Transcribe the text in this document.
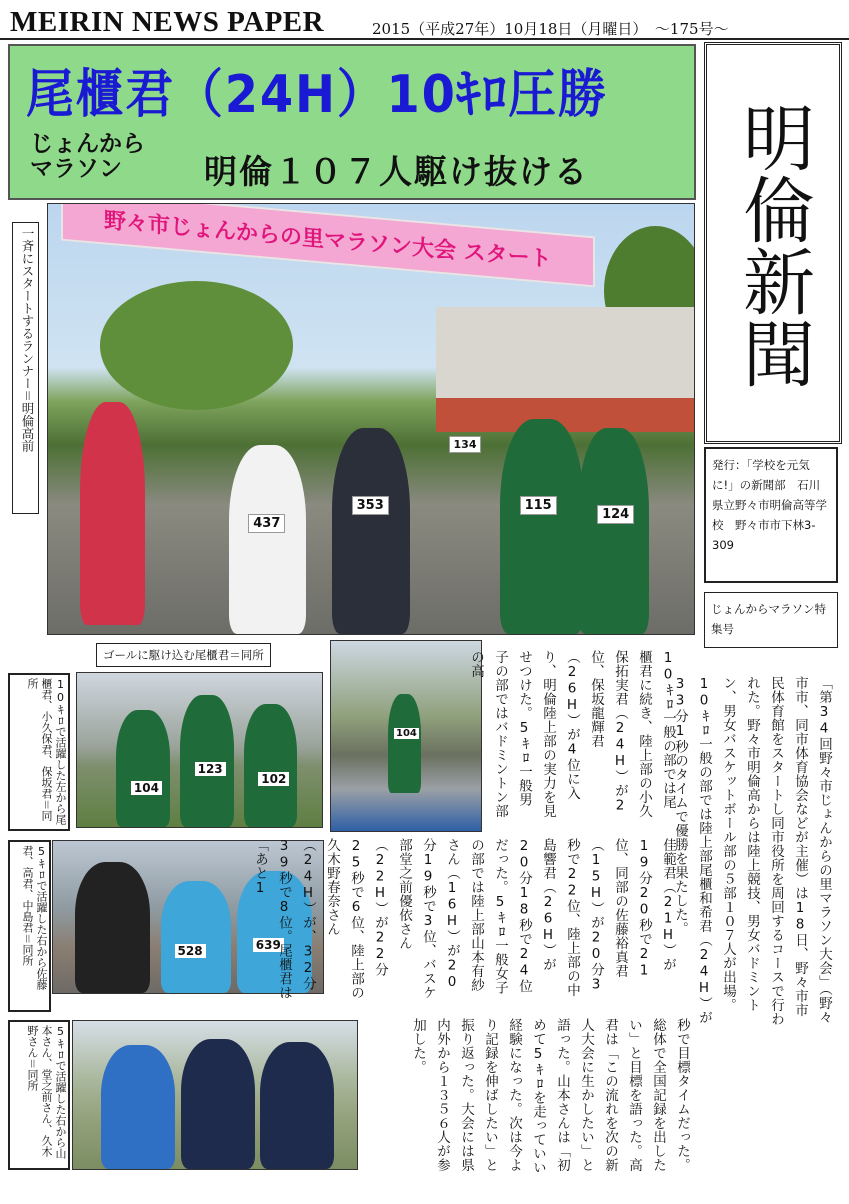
MEIRIN NEWS PAPER	2015（平成27年）10月18日（月曜日）　～175号～
尾櫃君（24H）10ｷﾛ圧勝
じょんから マラソン	明倫１０７人駆け抜ける	明倫新聞
発行：「学校を元気に!」の新聞部　石川県立野々市明倫高等学校　野々市市下林3-309
じょんからマラソン特集号
野々市じょんからの里マラソン大会 スタート
437
353	115
124
134
一斉にスタートするランナー＝明倫高前
ゴールに駆け込む尾櫃君＝同所
104
123
102
10ｷﾛで活躍した左から尾櫃君、小久保君、保坂君＝同所
104
528	639
5ｷﾛで活躍した右から佐藤君、高君、中島君＝同所
5ｷﾛで活躍した右から山本さん、堂之前さん、久木野さん＝同所
「第34回野々市じょんからの里マラソン大会」（野々市市、同市体育協会などが主催）は18日、野々市市民体育館をスタートし同市役所を周回するコースで行われた。野々市明倫高からは陸上競技、男女バドミントン、男女バスケットボール部の５部１０７人が出場。10ｷﾛ一般の部では陸上部尾櫃和希君（24H）が33分1秒のタイムで優勝を果たした。
10ｷﾛ一般の部では尾櫃君に続き、陸上部の小久保拓実君（24H）が2位、保坂龍輝君（26H）が4位に入り、明倫陸上部の実力を見せつけた。5ｷﾛ一般男子の部ではバドミントン部の高
佳範君（21H）が19分20秒で21位、同部の佐藤裕真君（15H）が20分3秒で22位、陸上部の中島響君（26H）が20分18秒で24位だった。5ｷﾛ一般女子の部では陸上部山本有紗さん（16H）が20分19秒で3位、バスケ部堂之前優依さん（22H）が22分25秒で6位、陸上部の久木野春奈さん（24H）が、32分39秒で8位。尾櫃君は「あと1
秒で目標タイムだった。総体で全国記録を出したい」と目標を語った。高君は「この流れを次の新人大会に生かしたい」と語った。山本さんは「初めて5ｷﾛを走っていい経験になった。次は今より記録を伸ばしたい」と振り返った。大会には県内外から１３５６人が参加した。
